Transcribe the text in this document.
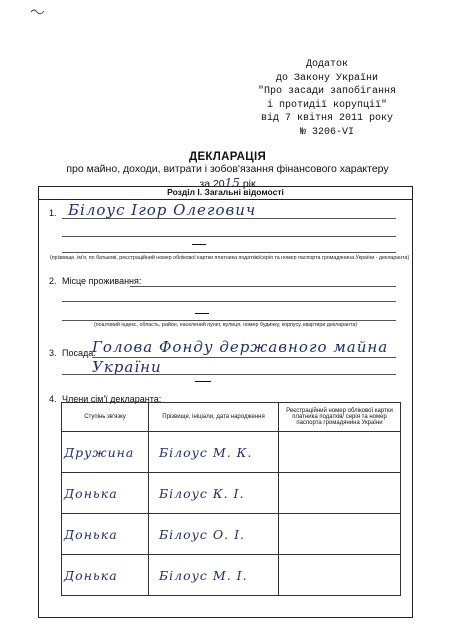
Додаток
до Закону України
"Про засади запобігання
і протидії корупції"
від 7 квітня 2011 року
№ 3206-VI
ДЕКЛАРАЦІЯ
про майно, доходи, витрати і зобов'язання фінансового характеру
за 2015 рік
Розділ І. Загальні відомості
1. Білоус Ігор Олегович
(прізвище, ім'я, по батькові, реєстраційний номер облікової картки платника податків/серія та номер паспорта громадянина України - декларанта)
2. Місце проживання:
(поштовий індекс, область, район, населений пункт, вулиця, номер будинку, корпусу, квартири декларанта)
3. Посада:
Голова Фонду державного майна
України
4. Члени сім'ї декларанта:
Ступінь зв'язку	Прізвище, ініціали, дата народження	Реєстраційний номер облікової картки платника податків/ серія та номер паспорта громадянина України
Дружина	Білоус М. К.	
Донька	Білоус К. І.	
Донька	Білоус О. І.	
Донька	Білоус М. І.	
